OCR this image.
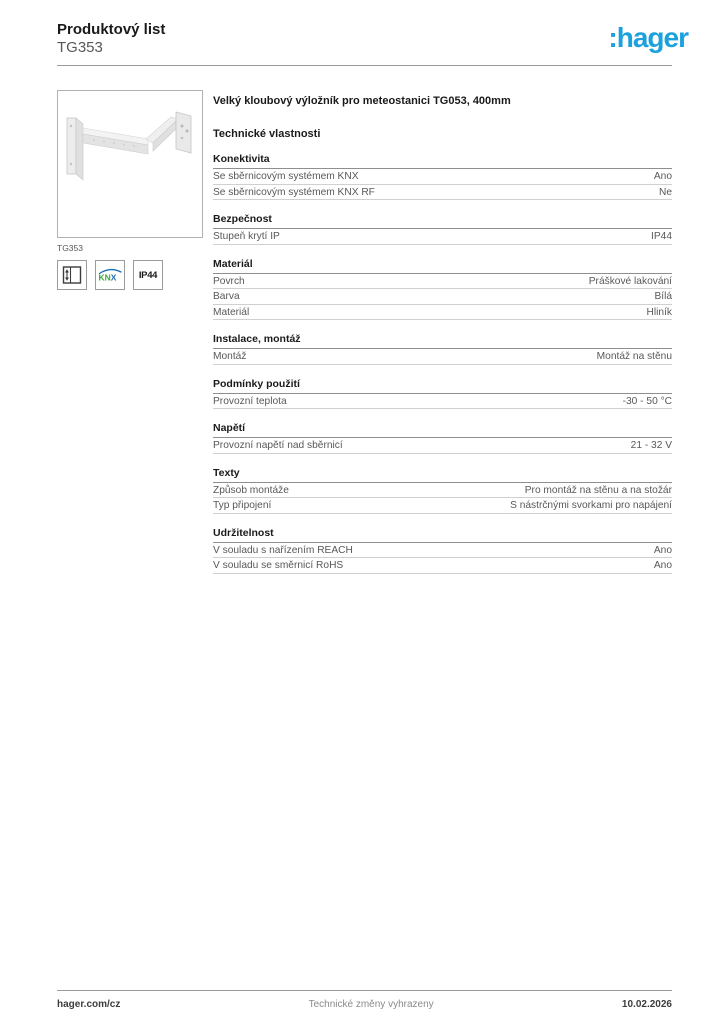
Produktový list
TG353	:hager
TG353
KNX IP44
Velký kloubový výložník pro meteostanici TG053, 400mm
Technické vlastnosti
Konektivita
Se sběrnicovým systémem KNX	Ano
Se sběrnicovým systémem KNX RF	Ne
Bezpečnost
Stupeň krytí IP	IP44
Materiál
Povrch	Práškové lakování
Barva	Bílá
Materiál	Hliník
Instalace, montáž
Montáž	Montáž na stěnu
Podmínky použití
Provozní teplota	-30 - 50 °C
Napětí
Provozní napětí nad sběrnicí	21 - 32 V
Texty
Způsob montáže	Pro montáž na stěnu a na stožár
Typ připojení	S nástrčnými svorkami pro napájení
Udržitelnost
V souladu s nařízením REACH	Ano
V souladu se směrnicí RoHS	Ano
hager.com/cz	Technické změny vyhrazeny	10.02.2026
